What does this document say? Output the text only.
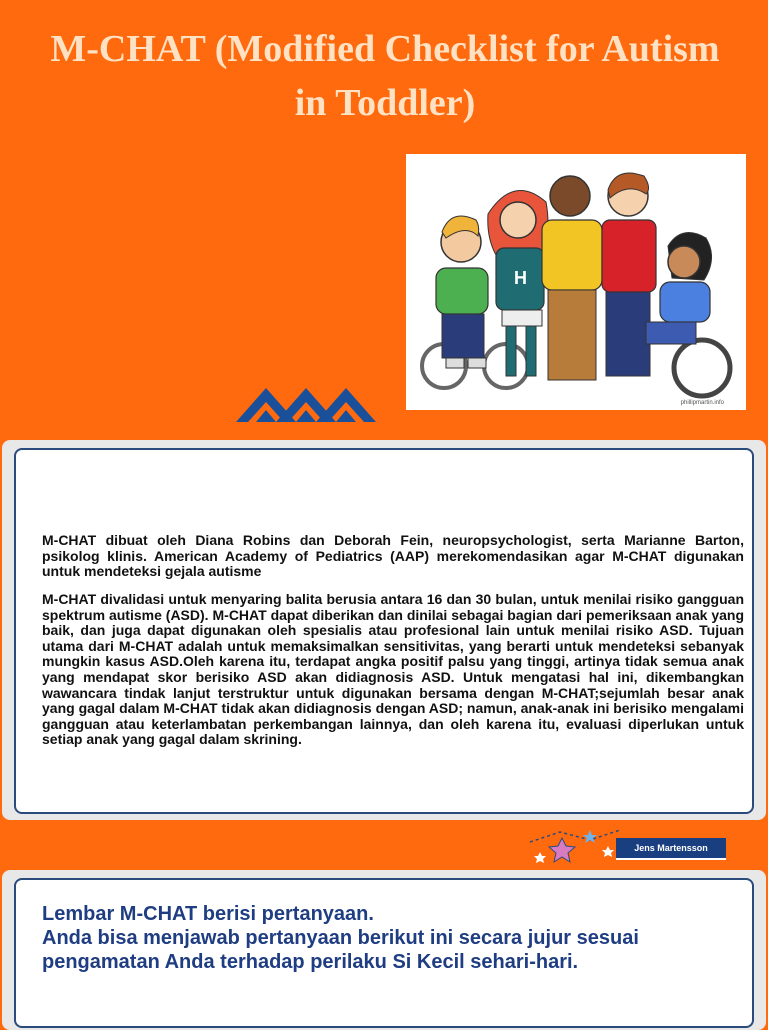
M-CHAT (Modified Checklist for Autism in Toddler)
H
phillipmartin.info

M-CHAT dibuat oleh Diana Robins dan Deborah Fein, neuropsychologist, serta Marianne Barton, psikolog klinis. American Academy of Pediatrics (AAP) merekomendasikan agar M-CHAT digunakan untuk mendeteksi gejala autisme

M-CHAT divalidasi untuk menyaring balita berusia antara 16 dan 30 bulan, untuk menilai risiko gangguan spektrum autisme (ASD). M-CHAT dapat diberikan dan dinilai sebagai bagian dari pemeriksaan anak yang baik, dan juga dapat digunakan oleh spesialis atau profesional lain untuk menilai risiko ASD. Tujuan utama dari M-CHAT adalah untuk memaksimalkan sensitivitas, yang berarti untuk mendeteksi sebanyak mungkin kasus ASD.Oleh karena itu, terdapat angka positif palsu yang tinggi, artinya tidak semua anak yang mendapat skor berisiko ASD akan didiagnosis ASD. Untuk mengatasi hal ini, dikembangkan wawancara tindak lanjut terstruktur untuk digunakan bersama dengan M-CHAT;sejumlah besar anak yang gagal dalam M-CHAT tidak akan didiagnosis dengan ASD; namun, anak-anak ini berisiko mengalami gangguan atau keterlambatan perkembangan lainnya, dan oleh karena itu, evaluasi diperlukan untuk setiap anak yang gagal dalam skrining.

Jens Martensson

Lembar M-CHAT berisi pertanyaan.
Anda bisa menjawab pertanyaan berikut ini secara jujur sesuai pengamatan Anda terhadap perilaku Si Kecil sehari-hari.
